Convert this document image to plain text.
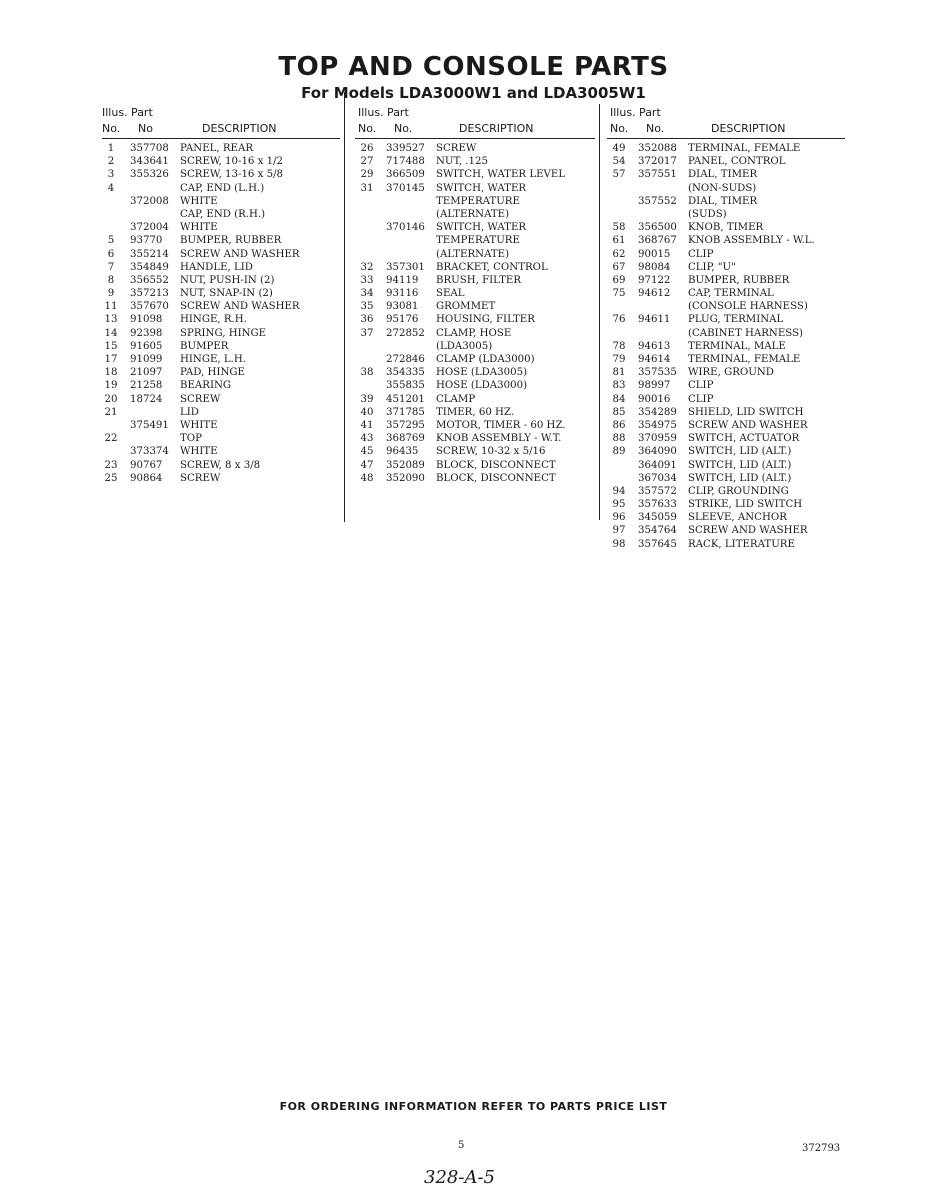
TOP AND CONSOLE PARTS
For Models LDA3000W1 and LDA3005W1
Illus. Part
No. No	DESCRIPTION
1	357708 PANEL, REAR
2	343641 SCREW, 10-16 x 1/2
3	355326 SCREW, 13-16 x 5/8
4	CAP, END (L.H.)
372008 WHITE
CAP, END (R.H.)
372004 WHITE
5	93770 BUMPER, RUBBER
6	355214 SCREW AND WASHER
7	354849 HANDLE, LID
8	356552 NUT, PUSH-IN (2)
9	357213 NUT, SNAP-IN (2)
11 357670 SCREW AND WASHER
13 91098 HINGE, R.H.
14 92398 SPRING, HINGE
15 91605 BUMPER
17 91099 HINGE, L.H.
18 21097 PAD, HINGE
19 21258 BEARING
20 18724 SCREW
21	LID
375491 WHITE
22	TOP
373374 WHITE
23 90767 SCREW, 8 x 3/8
25 90864 SCREW
Illus. Part
No. No.	DESCRIPTION
26 339527 SCREW
27 717488 NUT, .125
29 366509 SWITCH, WATER LEVEL
31 370145 SWITCH, WATER
TEMPERATURE
(ALTERNATE)
370146 SWITCH, WATER
TEMPERATURE
(ALTERNATE)
32 357301 BRACKET, CONTROL
33 94119 BRUSH, FILTER
34 93116 SEAL
35 93081 GROMMET
36 95176 HOUSING, FILTER
37 272852 CLAMP, HOSE
(LDA3005)
272846 CLAMP (LDA3000)
38 354335 HOSE (LDA3005)
355835 HOSE (LDA3000)
39 451201 CLAMP
40 371785 TIMER, 60 HZ.
41 357295 MOTOR, TIMER - 60 HZ.
43 368769 KNOB ASSEMBLY - W.T.
45 96435 SCREW, 10-32 x 5/16
47 352089 BLOCK, DISCONNECT
48 352090 BLOCK, DISCONNECT
Illus. Part
No. No.	DESCRIPTION
49 352088 TERMINAL, FEMALE
54 372017 PANEL, CONTROL
57 357551 DIAL, TIMER
(NON-SUDS)
357552 DIAL, TIMER
(SUDS)
58 356500 KNOB, TIMER
61 368767 KNOB ASSEMBLY - W.L.
62 90015 CLIP
67 98084 CLIP, "U"
69 97122 BUMPER, RUBBER
75 94612 CAP, TERMINAL
(CONSOLE HARNESS)
76 94611 PLUG, TERMINAL
(CABINET HARNESS)
78 94613 TERMINAL, MALE
79 94614 TERMINAL, FEMALE
81 357535 WIRE, GROUND
83 98997 CLIP
84 90016 CLIP
85 354289 SHIELD, LID SWITCH
86 354975 SCREW AND WASHER
88 370959 SWITCH, ACTUATOR
89 364090 SWITCH, LID (ALT.)
364091 SWITCH, LID (ALT.)
367034 SWITCH, LID (ALT.)
94 357572 CLIP, GROUNDING
95 357633 STRIKE, LID SWITCH
96 345059 SLEEVE, ANCHOR
97 354764 SCREW AND WASHER
98 357645 RACK, LITERATURE
FOR ORDERING INFORMATION REFER TO PARTS PRICE LIST
5	372793
328-A-5
